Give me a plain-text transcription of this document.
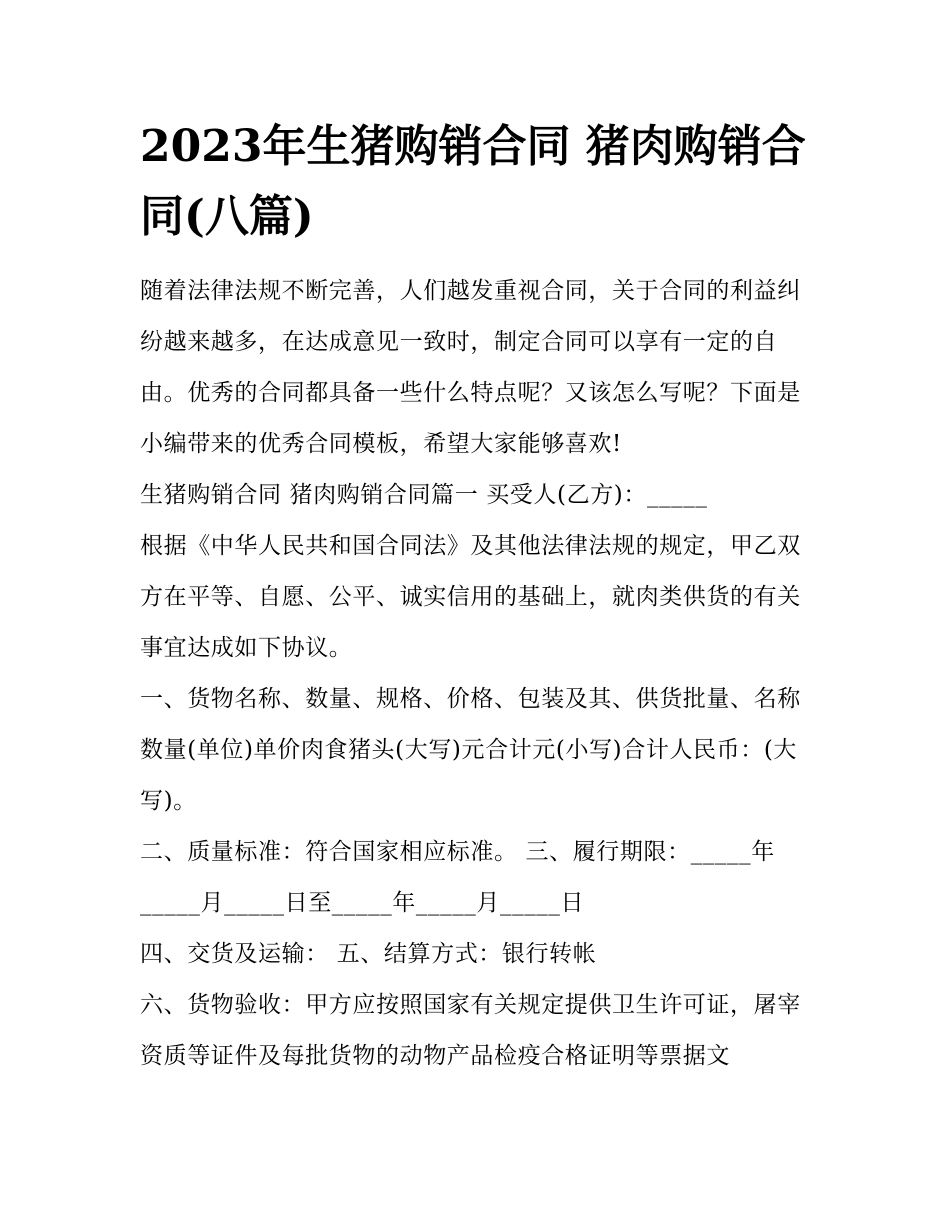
2023年生猪购销合同 猪肉购销合同(八篇)

随着法律法规不断完善，人们越发重视合同，关于合同的利益纠纷越来越多，在达成意见一致时，制定合同可以享有一定的自由。优秀的合同都具备一些什么特点呢？又该怎么写呢？下面是小编带来的优秀合同模板，希望大家能够喜欢!

生猪购销合同 猪肉购销合同篇一 买受人(乙方)：_____

根据《中华人民共和国合同法》及其他法律法规的规定，甲乙双方在平等、自愿、公平、诚实信用的基础上，就肉类供货的有关事宜达成如下协议。

一、货物名称、数量、规格、价格、包装及其、供货批量、名称数量(单位)单价肉食猪头(大写)元合计元(小写)合计人民币：(大写)。

二、质量标准：符合国家相应标准。 三、履行期限：_____年_____月_____日至_____年_____月_____日

四、交货及运输： 五、结算方式：银行转帐

六、货物验收：甲方应按照国家有关规定提供卫生许可证，屠宰资质等证件及每批货物的动物产品检疫合格证明等票据文
